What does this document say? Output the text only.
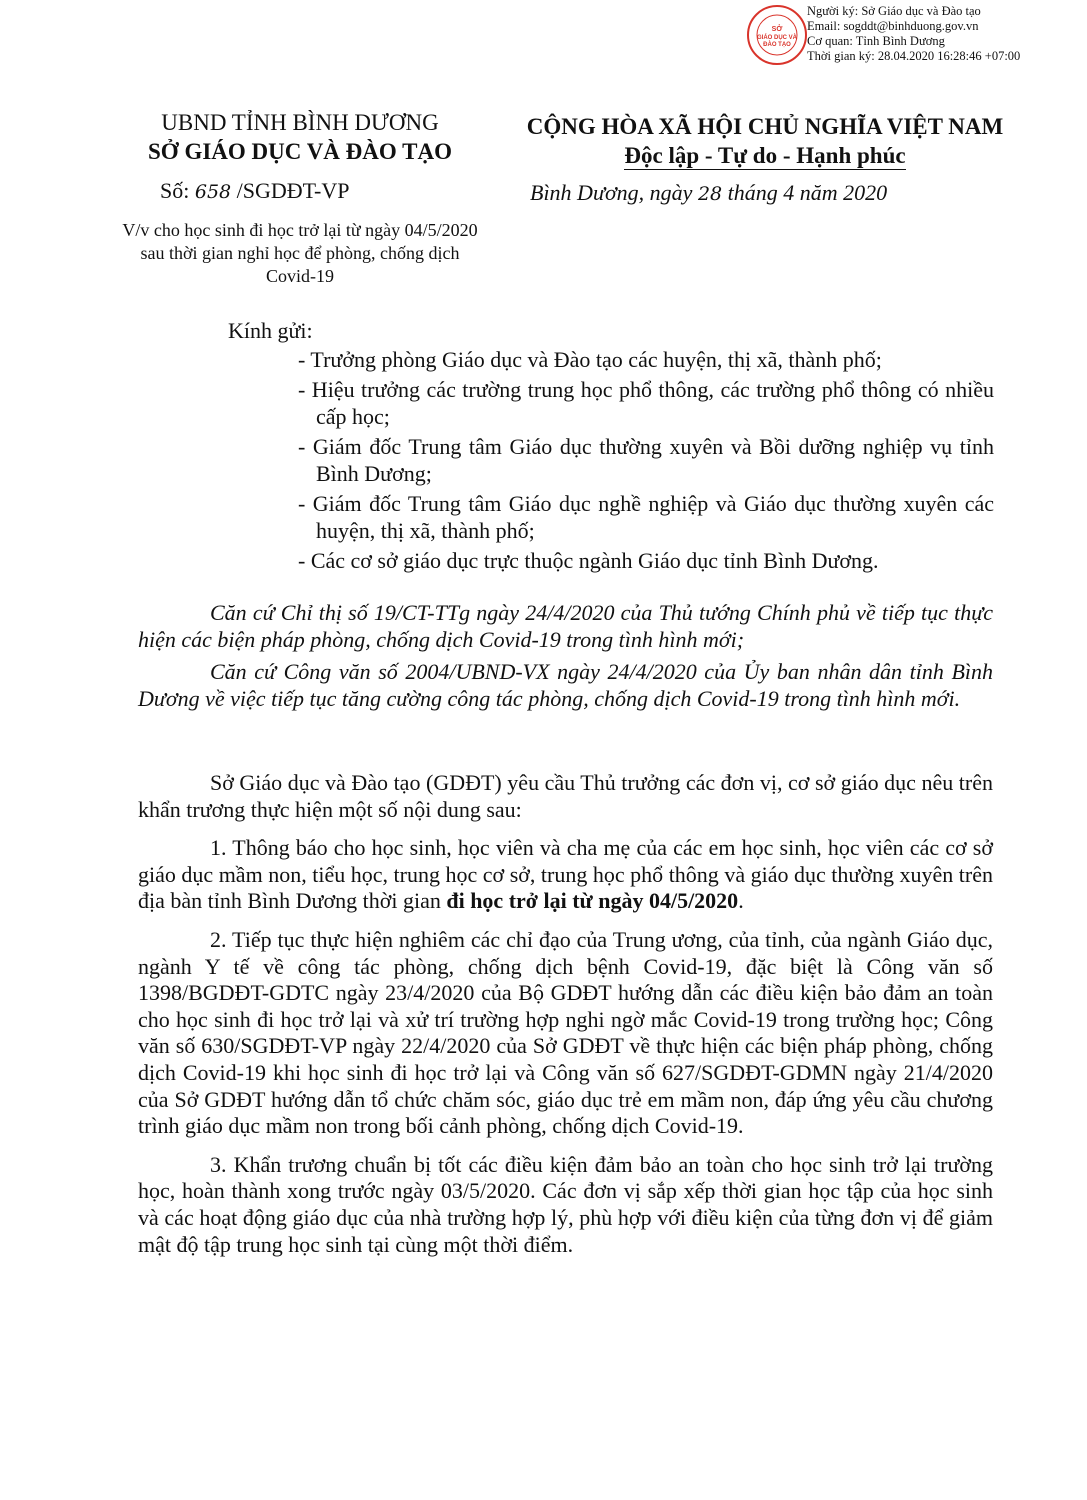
SỞ
GIÁO DỤC VÀ
ĐÀO TẠO
Người ký: Sở Giáo dục và Đào tạo
Email: sogddt@binhduong.gov.vn
Cơ quan: Tỉnh Bình Dương
Thời gian ký: 28.04.2020 16:28:46 +07:00
UBND TỈNH BÌNH DƯƠNG
SỞ GIÁO DỤC VÀ ĐÀO TẠO
Số: 658 /SGDĐT-VP
V/v cho học sinh đi học trở lại từ ngày 04/5/2020 sau thời gian nghỉ học để phòng, chống dịch Covid-19
CỘNG HÒA XÃ HỘI CHỦ NGHĨA VIỆT NAM
Độc lập - Tự do - Hạnh phúc
Bình Dương, ngày 28 tháng 4 năm 2020
Kính gửi:
- Trưởng phòng Giáo dục và Đào tạo các huyện, thị xã, thành phố;
- Hiệu trưởng các trường trung học phổ thông, các trường phổ thông có nhiều cấp học;
- Giám đốc Trung tâm Giáo dục thường xuyên và Bồi dưỡng nghiệp vụ tỉnh Bình Dương;
- Giám đốc Trung tâm Giáo dục nghề nghiệp và Giáo dục thường xuyên các huyện, thị xã, thành phố;
- Các cơ sở giáo dục trực thuộc ngành Giáo dục tỉnh Bình Dương.

Căn cứ Chỉ thị số 19/CT-TTg ngày 24/4/2020 của Thủ tướng Chính phủ về tiếp tục thực hiện các biện pháp phòng, chống dịch Covid-19 trong tình hình mới;

Căn cứ Công văn số 2004/UBND-VX ngày 24/4/2020 của Ủy ban nhân dân tỉnh Bình Dương về việc tiếp tục tăng cường công tác phòng, chống dịch Covid-19 trong tình hình mới.

Sở Giáo dục và Đào tạo (GDĐT) yêu cầu Thủ trưởng các đơn vị, cơ sở giáo dục nêu trên khẩn trương thực hiện một số nội dung sau:

1. Thông báo cho học sinh, học viên và cha mẹ của các em học sinh, học viên các cơ sở giáo dục mầm non, tiểu học, trung học cơ sở, trung học phổ thông và giáo dục thường xuyên trên địa bàn tỉnh Bình Dương thời gian đi học trở lại từ ngày 04/5/2020.

2. Tiếp tục thực hiện nghiêm các chỉ đạo của Trung ương, của tỉnh, của ngành Giáo dục, ngành Y tế về công tác phòng, chống dịch bệnh Covid-19, đặc biệt là Công văn số 1398/BGDĐT-GDTC ngày 23/4/2020 của Bộ GDĐT hướng dẫn các điều kiện bảo đảm an toàn cho học sinh đi học trở lại và xử trí trường hợp nghi ngờ mắc Covid-19 trong trường học; Công văn số 630/SGDĐT-VP ngày 22/4/2020 của Sở GDĐT về thực hiện các biện pháp phòng, chống dịch Covid-19 khi học sinh đi học trở lại và Công văn số 627/SGDĐT-GDMN ngày 21/4/2020 của Sở GDĐT hướng dẫn tổ chức chăm sóc, giáo dục trẻ em mầm non, đáp ứng yêu cầu chương trình giáo dục mầm non trong bối cảnh phòng, chống dịch Covid-19.

3. Khẩn trương chuẩn bị tốt các điều kiện đảm bảo an toàn cho học sinh trở lại trường học, hoàn thành xong trước ngày 03/5/2020. Các đơn vị sắp xếp thời gian học tập của học sinh và các hoạt động giáo dục của nhà trường hợp lý, phù hợp với điều kiện của từng đơn vị để giảm mật độ tập trung học sinh tại cùng một thời điểm.
